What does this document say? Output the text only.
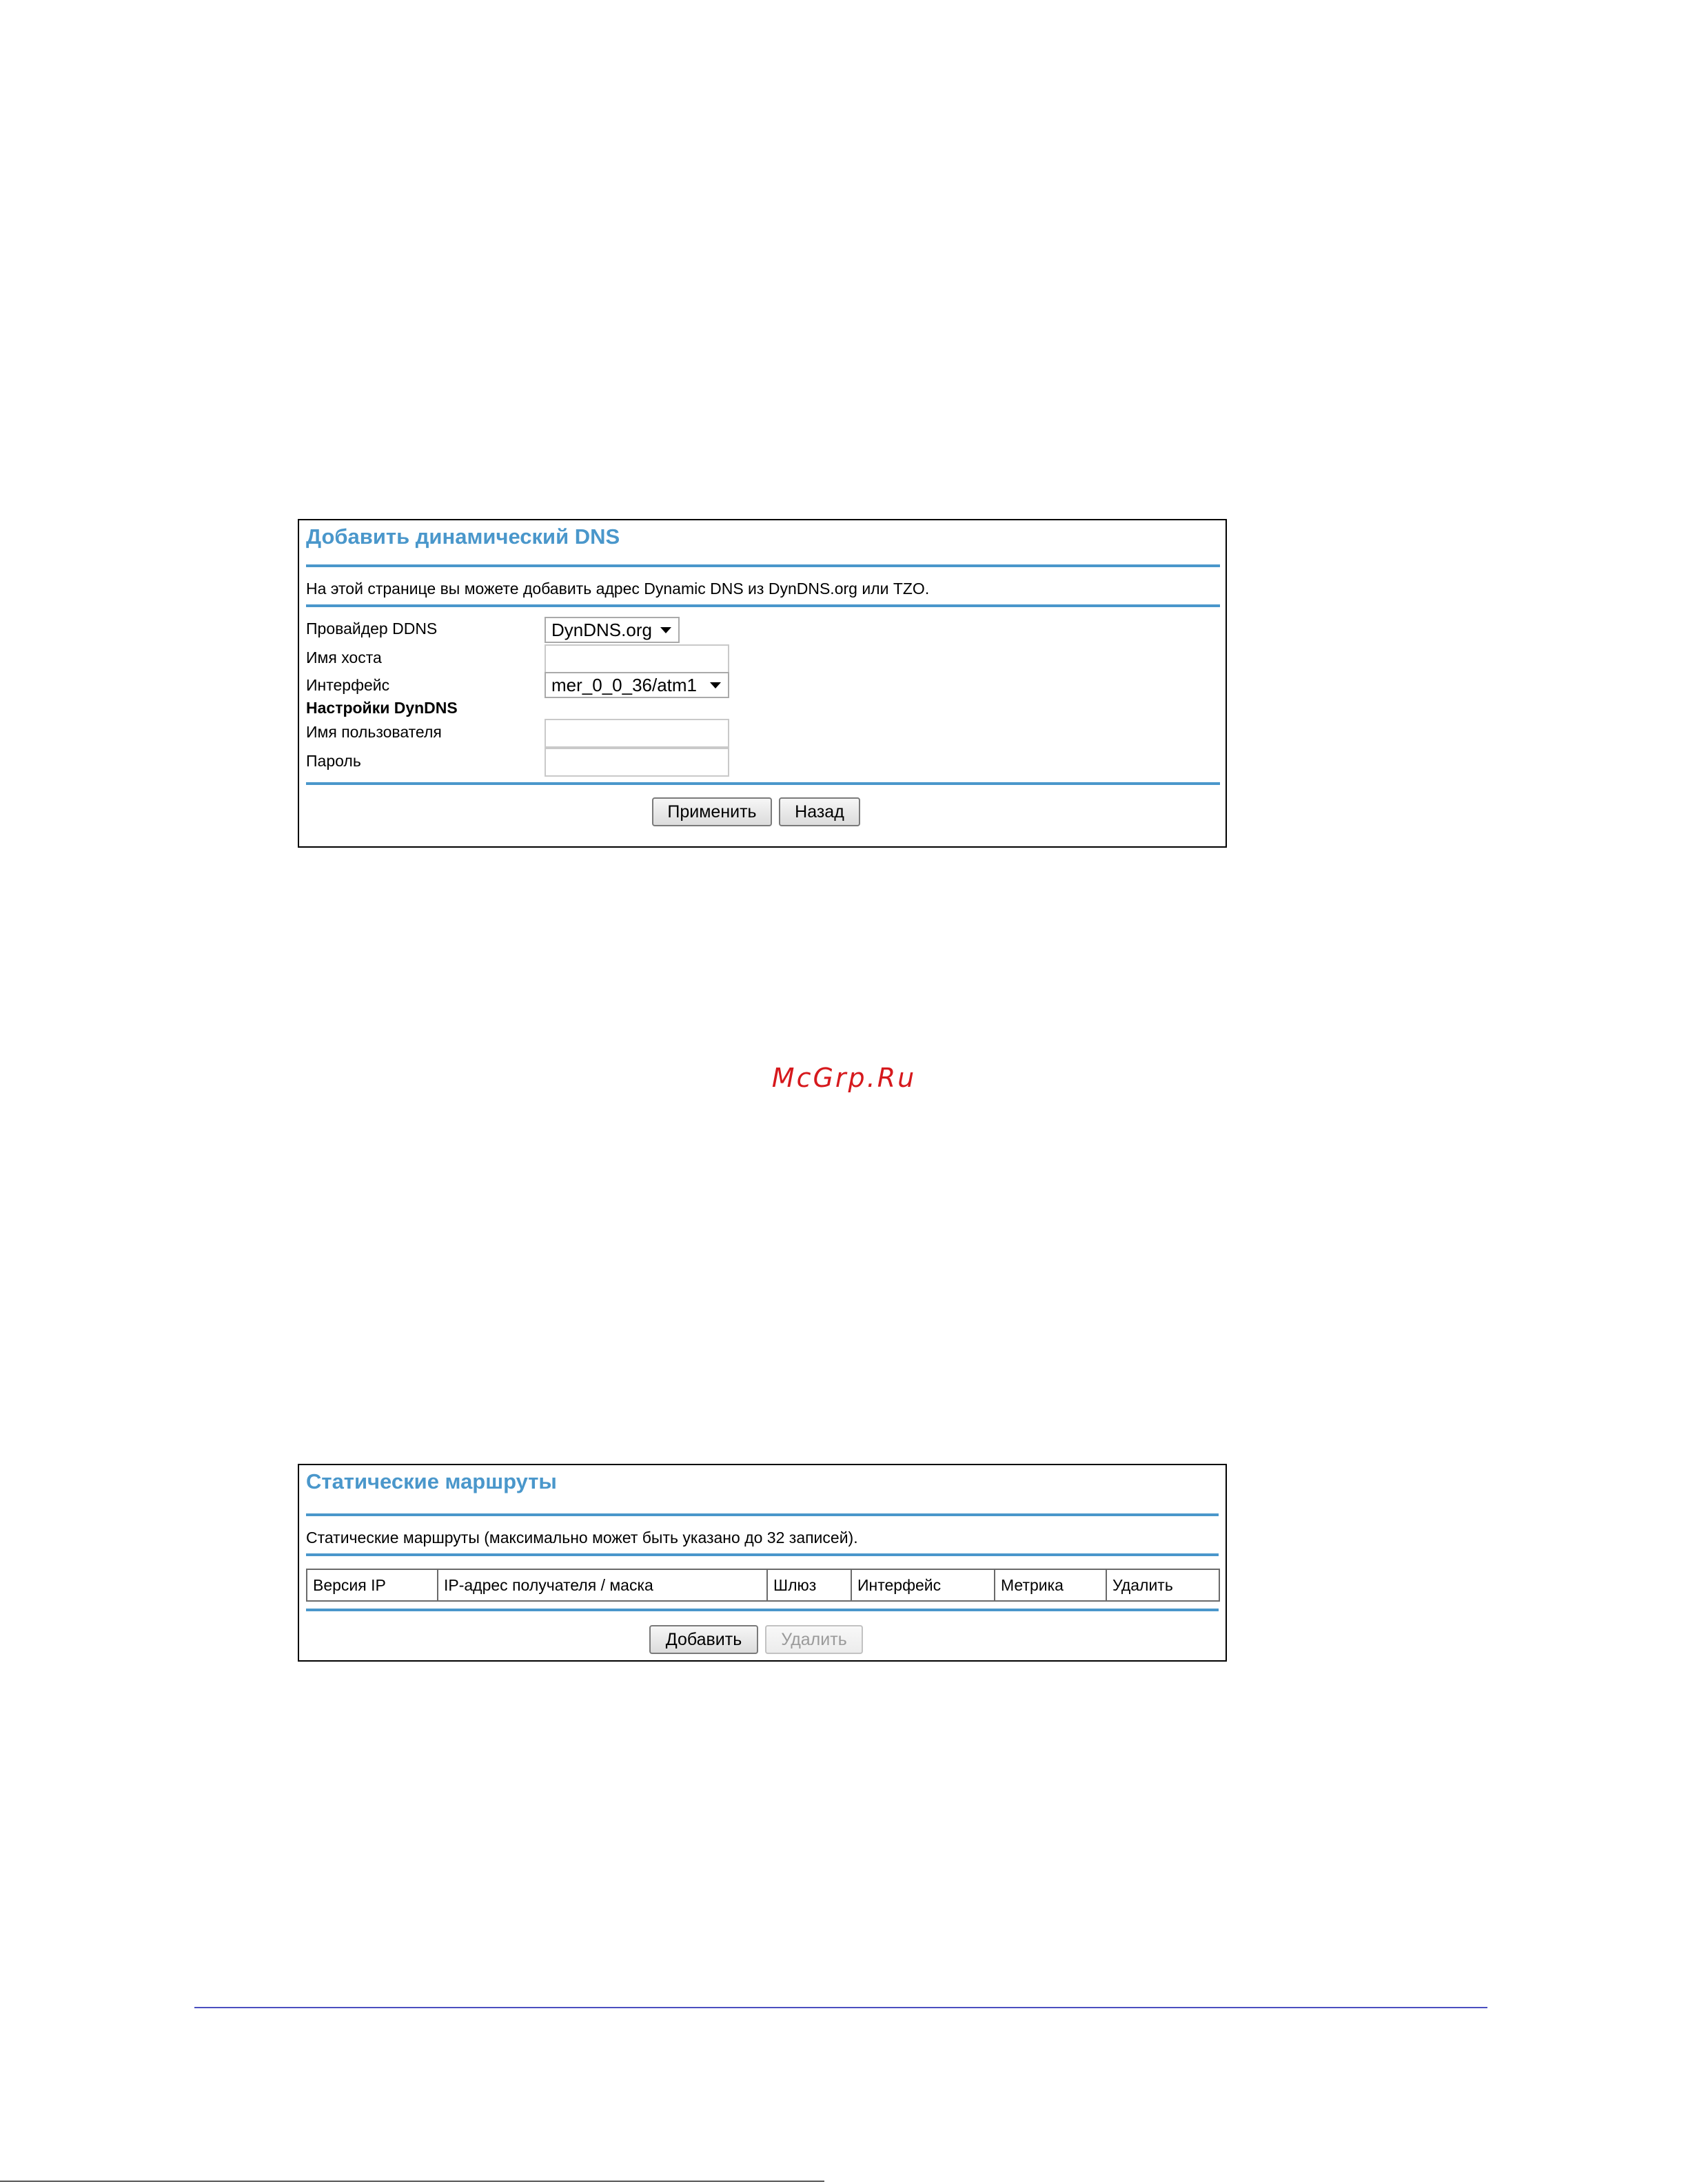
Добавить динамический DNS
На этой странице вы можете добавить адрес Dynamic DNS из DynDNS.org или TZO.
Провайдер DDNS	DynDNS.org
Имя хоста
Интерфейс	mer_0_0_36/atm1
Настройки DynDNS
Имя пользователя
Пароль
Применить	Назад
McGrp.Ru
Статические маршруты
Статические маршруты (максимально может быть указано до 32 записей).
Версия IP	IP-адрес получателя / маска	Шлюз	Интерфейс	Метрика	Удалить
Добавить	Удалить
